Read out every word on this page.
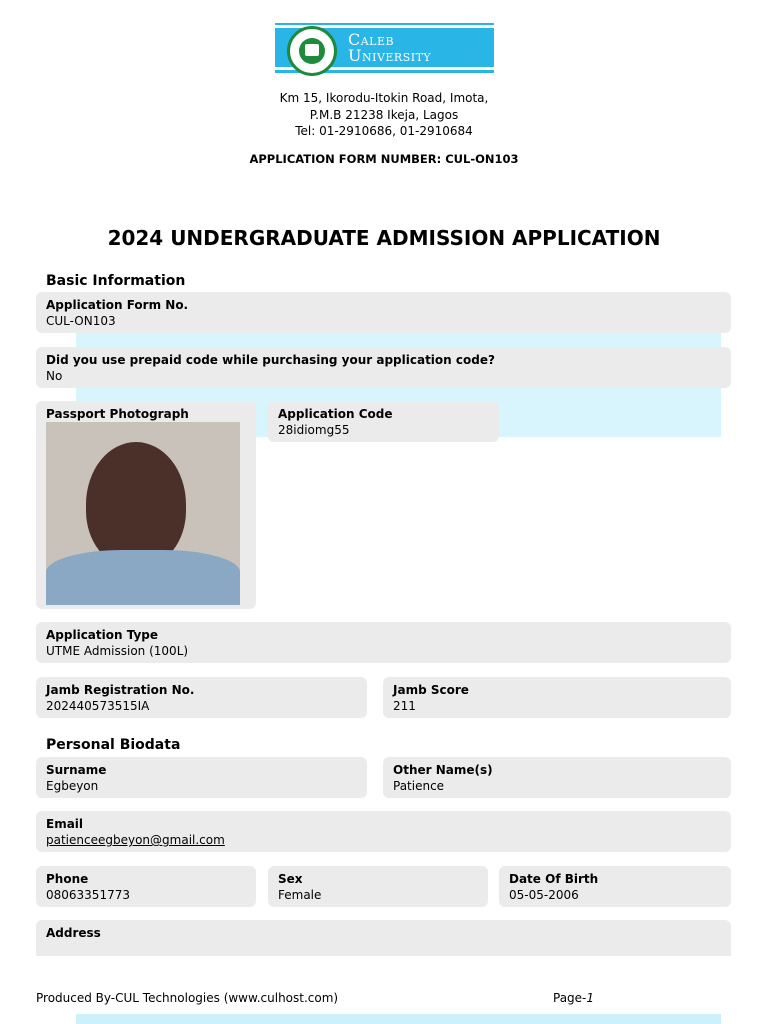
Caleb
University
Km 15, Ikorodu-Itokin Road, Imota,
P.M.B 21238 Ikeja, Lagos
Tel: 01-2910686, 01-2910684
APPLICATION FORM NUMBER: CUL-ON103
2024 UNDERGRADUATE ADMISSION APPLICATION
Basic Information
Application Form No.
CUL-ON103
Did you use prepaid code while purchasing your application code?
No
Passport Photograph	Application Code
28idiomg55
Application Type
UTME Admission (100L)
Jamb Registration No.
202440573515IA
Jamb Score
211
Personal Biodata
Surname
Egbeyon
Other Name(s)
Patience
Email
patienceegbeyon@gmail.com
Phone
08063351773
Sex
Female
Date Of Birth
05-05-2006
Address
Produced By-CUL Technologies (www.culhost.com)	Page-1
